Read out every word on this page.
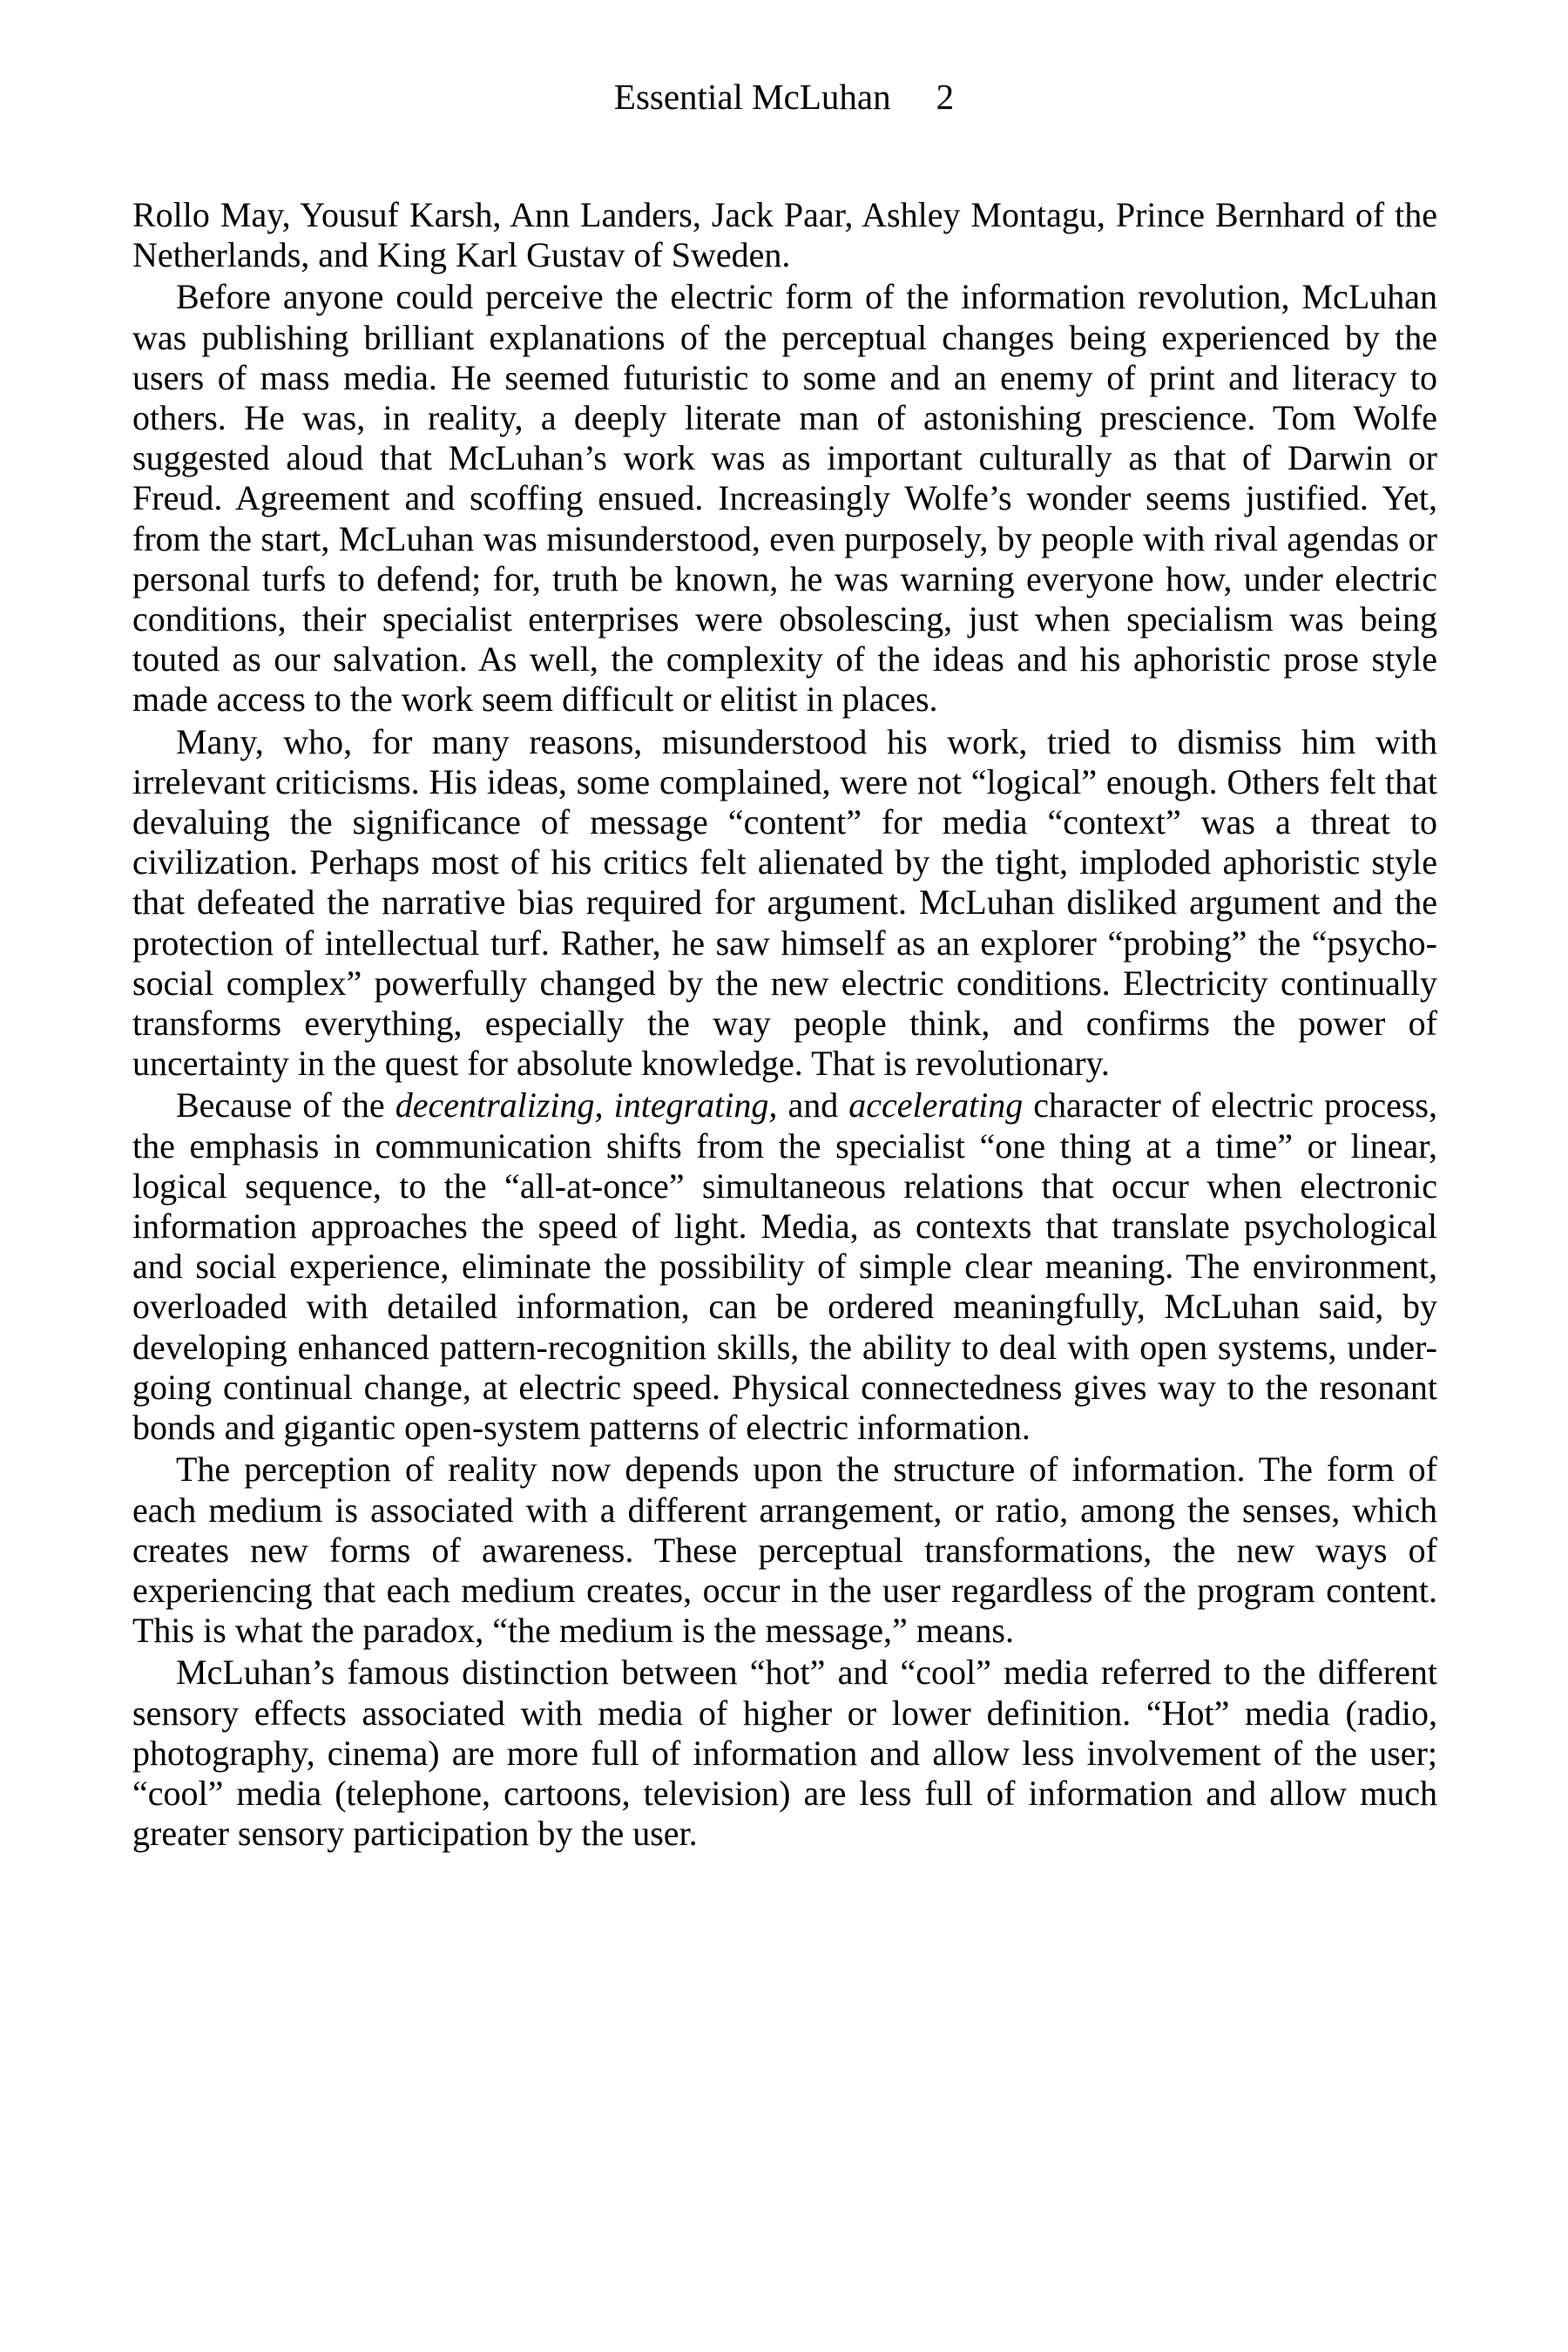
Essential McLuhan 2

Rollo May, Yousuf Karsh, Ann Landers, Jack Paar, Ashley Montagu, Prince Bernhard of the Netherlands, and King Karl Gustav of Sweden.

Before anyone could perceive the electric form of the information revolution, McLuhan was publishing brilliant explanations of the perceptual changes being experienced by the users of mass media. He seemed futuristic to some and an enemy of print and literacy to others. He was, in reality, a deeply literate man of astonishing prescience. Tom Wolfe suggested aloud that McLuhan’s work was as important culturally as that of Darwin or Freud. Agreement and scoffing ensued. Increasingly Wolfe’s wonder seems justified. Yet, from the start, McLuhan was misunderstood, even purposely, by people with rival agendas or personal turfs to defend; for, truth be known, he was warning everyone how, under electric conditions, their specialist enterprises were obsolescing, just when specialism was being touted as our salvation. As well, the complexity of the ideas and his aphoristic prose style made access to the work seem difficult or elitist in places.

Many, who, for many reasons, misunderstood his work, tried to dismiss him with irrelevant criticisms. His ideas, some complained, were not “logical” enough. Others felt that devaluing the significance of message “content” for media “context” was a threat to civilization. Perhaps most of his critics felt alienated by the tight, imploded aphoristic style that defeated the narrative bias required for argument. McLuhan disliked argument and the protection of intellectual turf. Rather, he saw himself as an explorer “probing” the “psycho-social complex” powerfully changed by the new electric conditions. Electricity continually transforms everything, especially the way people think, and confirms the power of uncertainty in the quest for absolute knowledge. That is revolutionary.

Because of the decentralizing, integrating, and accelerating character of electric process, the emphasis in communication shifts from the specialist “one thing at a time” or linear, logical sequence, to the “all-at-once” simultaneous relations that occur when electronic information approaches the speed of light. Media, as contexts that translate psychological and social experience, eliminate the possibility of simple clear meaning. The environment, overloaded with detailed information, can be ordered meaningfully, McLuhan said, by developing enhanced pattern-recognition skills, the ability to deal with open systems, under-going continual change, at electric speed. Physical connectedness gives way to the resonant bonds and gigantic open-system patterns of electric information.

The perception of reality now depends upon the structure of information. The form of each medium is associated with a different arrangement, or ratio, among the senses, which creates new forms of awareness. These perceptual transformations, the new ways of experiencing that each medium creates, occur in the user regardless of the program content. This is what the paradox, “the medium is the message,” means.

McLuhan’s famous distinction between “hot” and “cool” media referred to the different sensory effects associated with media of higher or lower definition. “Hot” media (radio, photography, cinema) are more full of information and allow less involvement of the user; “cool” media (telephone, cartoons, television) are less full of information and allow much greater sensory participation by the user.
